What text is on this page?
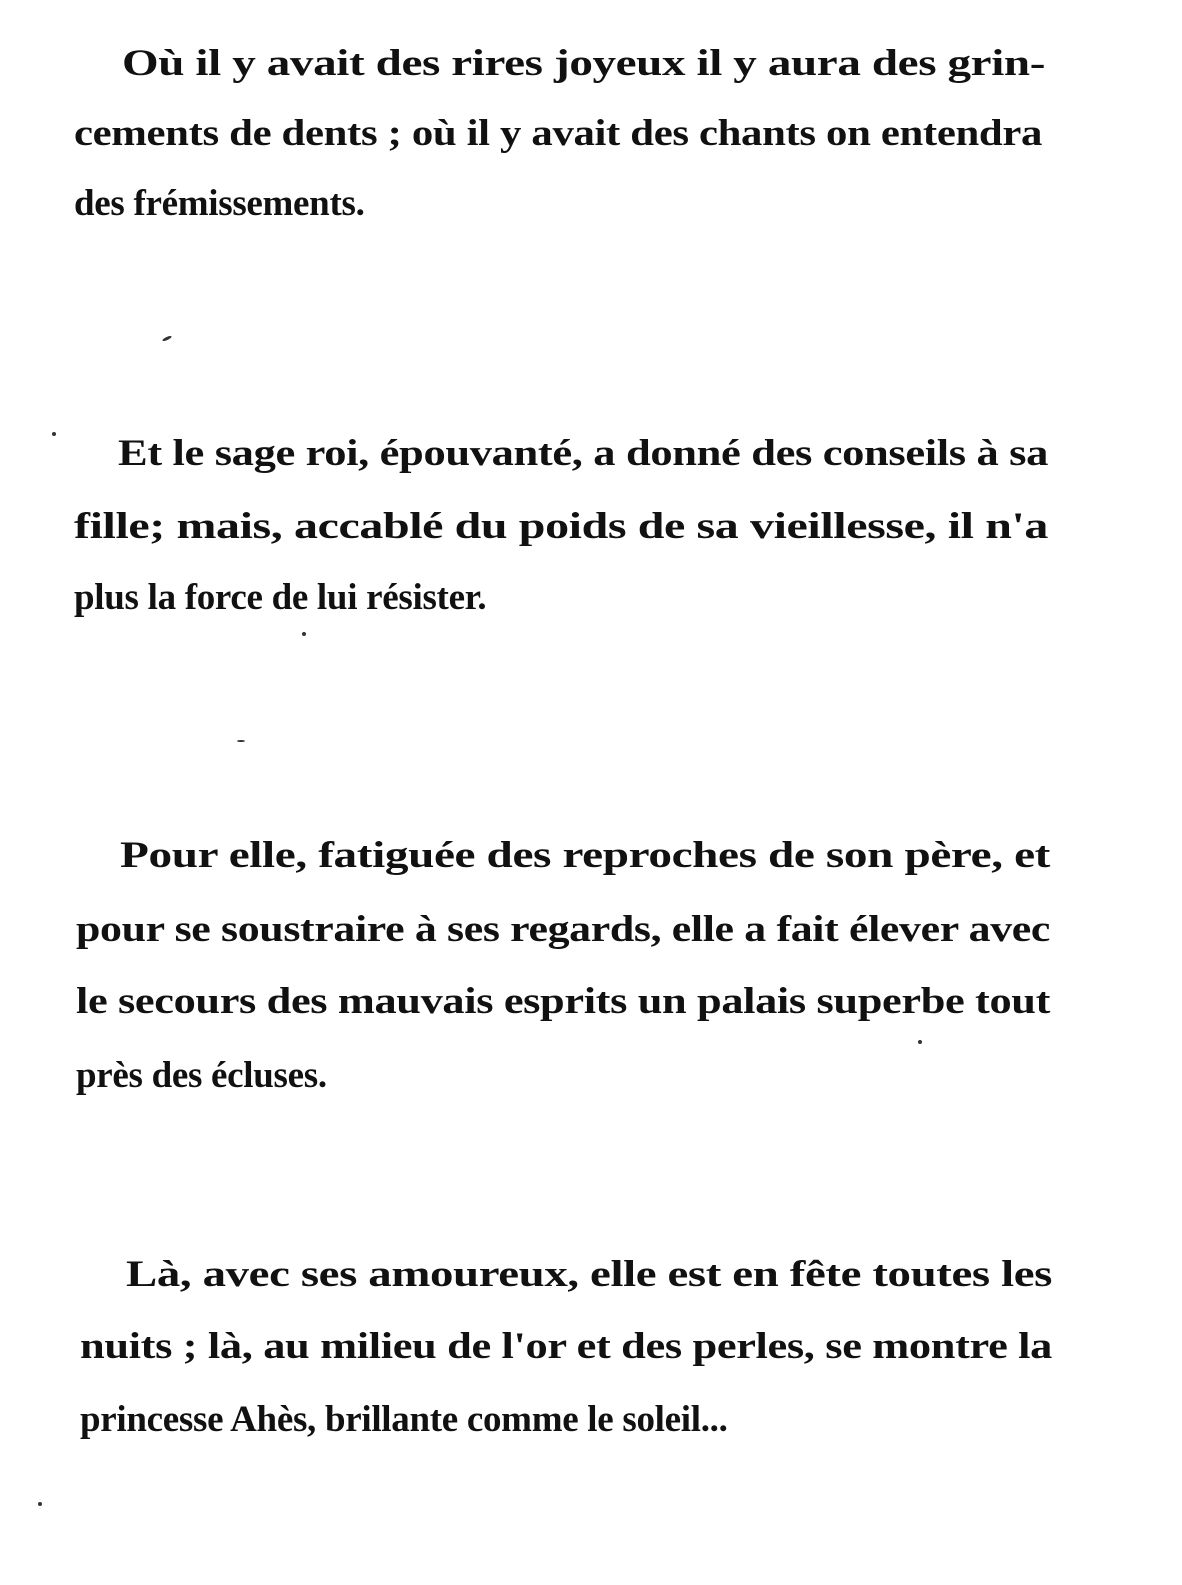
Où il y avait des rires joyeux il y aura des grin-
cements de dents ; où il y avait des chants on entendra
des frémissements.
Et le sage roi, épouvanté, a donné des conseils à sa
fille; mais, accablé du poids de sa vieillesse, il n'a
plus la force de lui résister.
Pour elle, fatiguée des reproches de son père, et
pour se soustraire à ses regards, elle a fait élever avec
le secours des mauvais esprits un palais superbe tout
près des écluses.
Là, avec ses amoureux, elle est en fête toutes les
nuits ; là, au milieu de l'or et des perles, se montre la
princesse Ahès, brillante comme le soleil...
